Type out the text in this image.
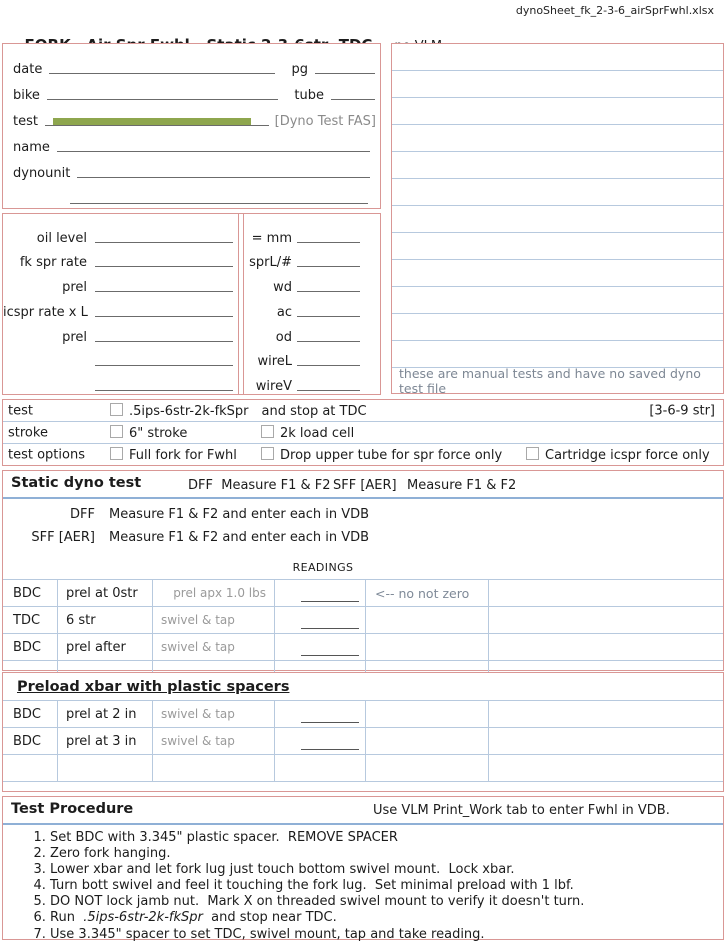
dynoSheet_fk_2-3-6_airSprFwhl.xlsx

date	pg
bike	tube
test	[Dyno Test FAS]
name
dynounit
oil level
fk spr rate
prel
icspr rate x L
prel
= mm
sprL/#
wd
ac
od
wireL
wireV
these are manual tests and have no saved dyno test file
test	.5ips-6str-2k-fkSpr and stop at TDC	[3-6-9 str]
stroke	6" stroke	2k load cell
test options	Full fork for Fwhl	Drop upper tube for spr force only	Cartridge icspr force only
Static dyno test	DFF  Measure F1 & F2 SFF [AER] Measure F1 & F2
DFF Measure F1 & F2 and enter each in VDB
SFF [AER] Measure F1 & F2 and enter each in VDB
READINGS
BDC	prel at 0str	prel apx 1.0 lbs	<-- no not zero
TDC	6 str	swivel & tap
BDC	prel after	swivel & tap
Preload xbar with plastic spacers
BDC	prel at 2 in	swivel & tap
BDC	prel at 3 in	swivel & tap
Test Procedure	Use VLM Print_Work tab to enter Fwhl in VDB.
1. Set BDC with 3.345" plastic spacer.  REMOVE SPACER
2. Zero fork hanging.
3. Lower xbar and let fork lug just touch bottom swivel mount.  Lock xbar.
4. Turn bott swivel and feel it touching the fork lug.  Set minimal preload with 1 lbf.
5. DO NOT lock jamb nut.  Mark X on threaded swivel mount to verify it doesn't turn.
6. Run  .5ips-6str-2k-fkSpr  and stop near TDC.
7. Use 3.345" spacer to set TDC, swivel mount, tap and take reading.
